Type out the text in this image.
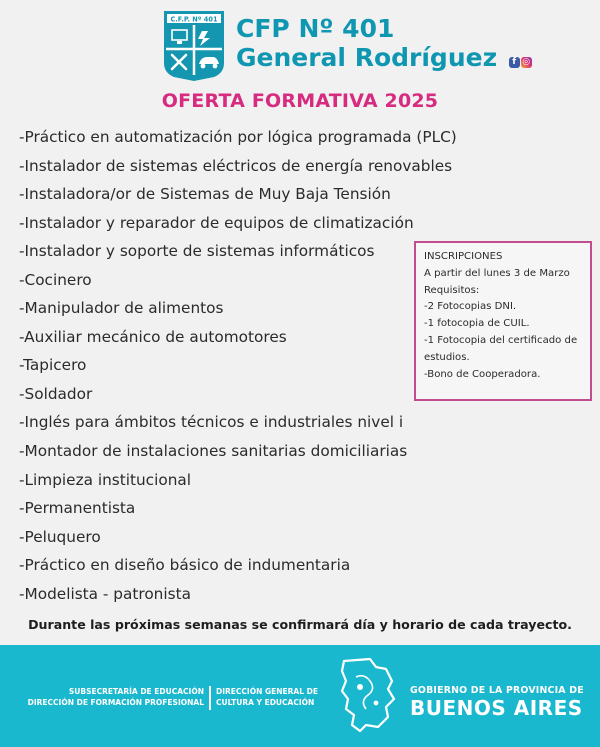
C.F.P. Nº 401 CFP Nº 401
General Rodríguez f ◎
OFERTA FORMATIVA 2025
-Práctico en automatización por lógica programada (PLC)
-Instalador de sistemas eléctricos de energía renovables
-Instaladora/or de Sistemas de Muy Baja Tensión
-Instalador y reparador de equipos de climatización
-Instalador y soporte de sistemas informáticos
-Cocinero
-Manipulador de alimentos
-Auxiliar mecánico de automotores
-Tapicero
-Soldador
-Inglés para ámbitos técnicos e industriales nivel i
-Montador de instalaciones sanitarias domiciliarias
-Limpieza institucional
-Permanentista
-Peluquero
-Práctico en diseño básico de indumentaria
-Modelista - patronista
INSCRIPCIONES
A partir del lunes 3 de Marzo
Requisitos:
-2 Fotocopias DNI.
-1 fotocopia de CUIL.
-1 Fotocopia del certificado de estudios.
-Bono de Cooperadora.
Durante las próximas semanas se confirmará día y horario de cada trayecto.
SUBSECRETARÍA DE EDUCACIÓN
DIRECCIÓN DE FORMACIÓN PROFESIONAL
DIRECCIÓN GENERAL DE
CULTURA Y EDUCACIÓN
GOBIERNO DE LA PROVINCIA DE
BUENOS AIRES
